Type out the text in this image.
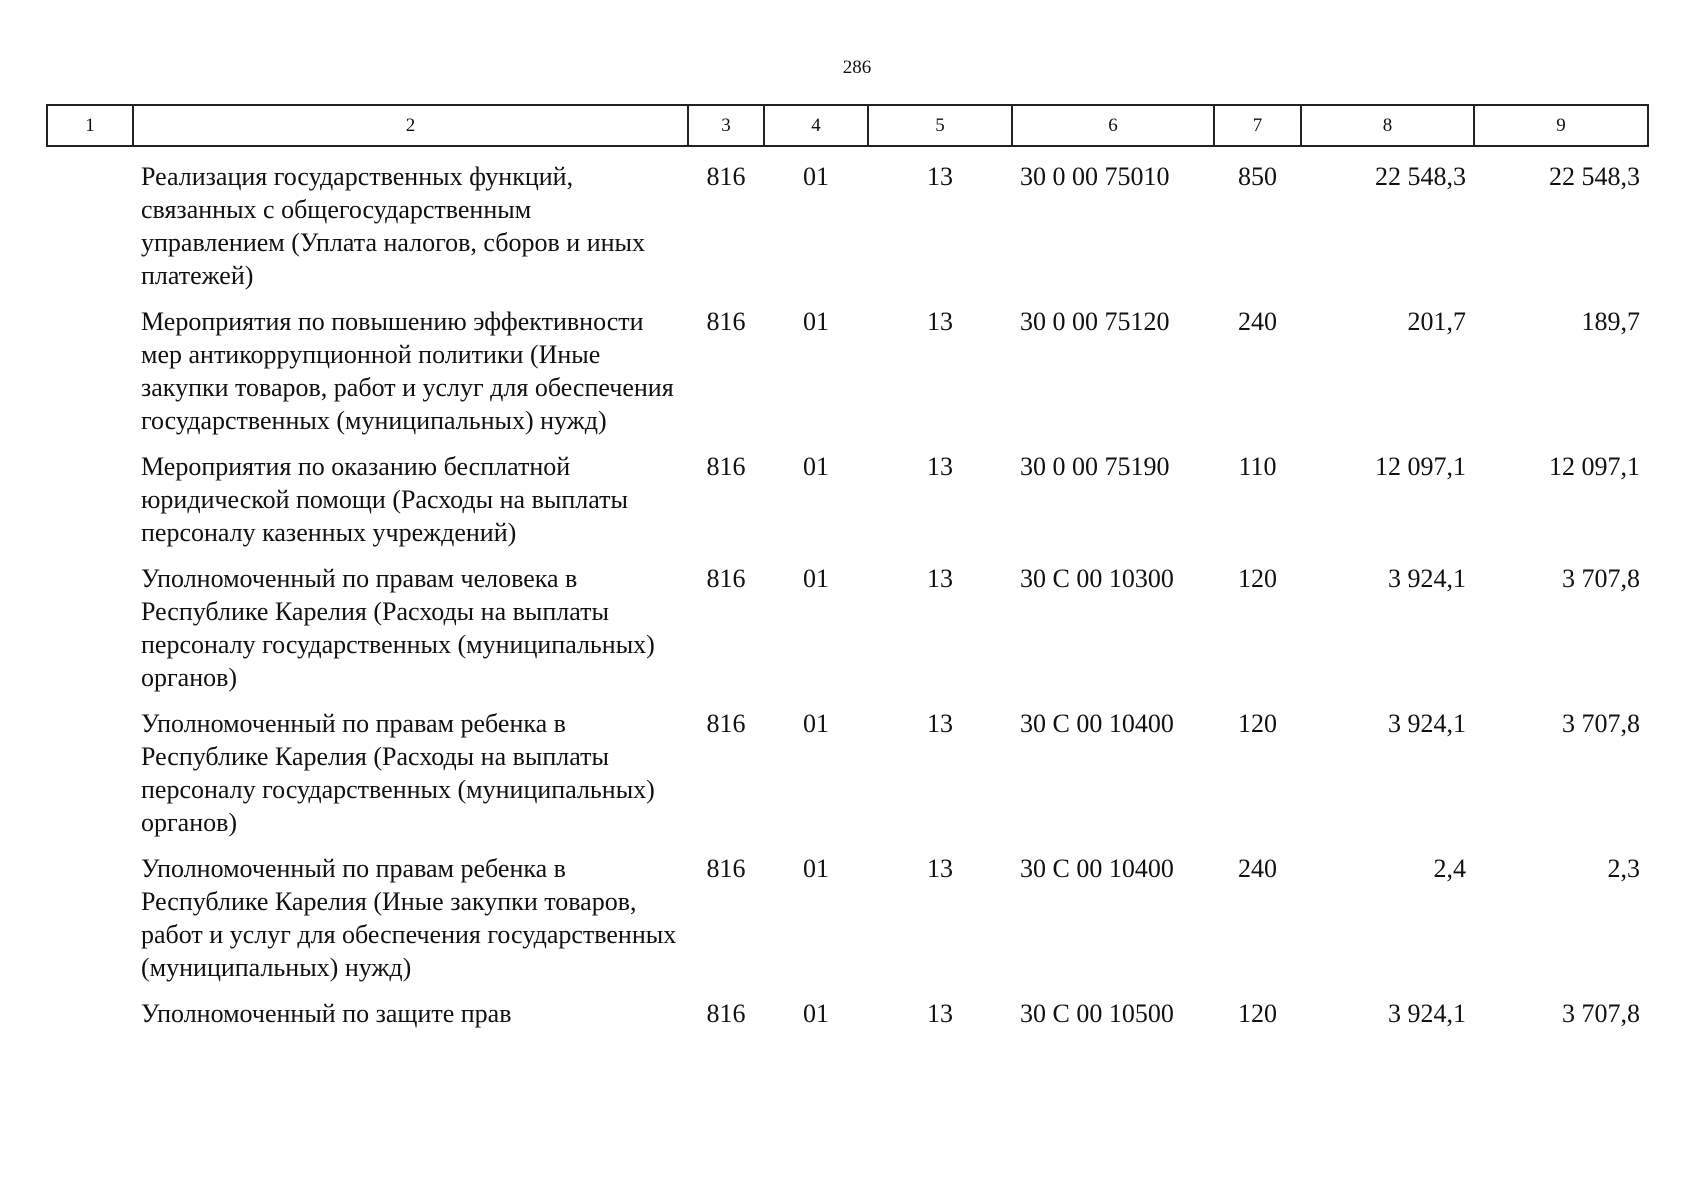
286
1	2	3	4	5	6	7	8	9
	Реализация государственных функций, связанных с общегосударственным управлением (Уплата налогов, сборов и иных платежей)	816	01	13	30 0 00 75010	850	22 548,3	22 548,3
	Мероприятия по повышению эффективности мер антикоррупционной политики (Иные закупки товаров, работ и услуг для обеспечения государственных (муниципальных) нужд)	816	01	13	30 0 00 75120	240	201,7	189,7
	Мероприятия по оказанию бесплатной юридической помощи (Расходы на выплаты персоналу казенных учреждений)	816	01	13	30 0 00 75190	110	12 097,1	12 097,1
	Уполномоченный по правам человека в Республике Карелия (Расходы на выплаты персоналу государственных (муниципальных) органов)	816	01	13	30 С 00 10300	120	3 924,1	3 707,8
	Уполномоченный по правам ребенка в Республике Карелия (Расходы на выплаты персоналу государственных (муниципальных) органов)	816	01	13	30 С 00 10400	120	3 924,1	3 707,8
	Уполномоченный по правам ребенка в Республике Карелия (Иные закупки товаров, работ и услуг для обеспечения государственных (муниципальных) нужд)	816	01	13	30 С 00 10400	240	2,4	2,3
	Уполномоченный по защите прав	816	01	13	30 С 00 10500	120	3 924,1	3 707,8
